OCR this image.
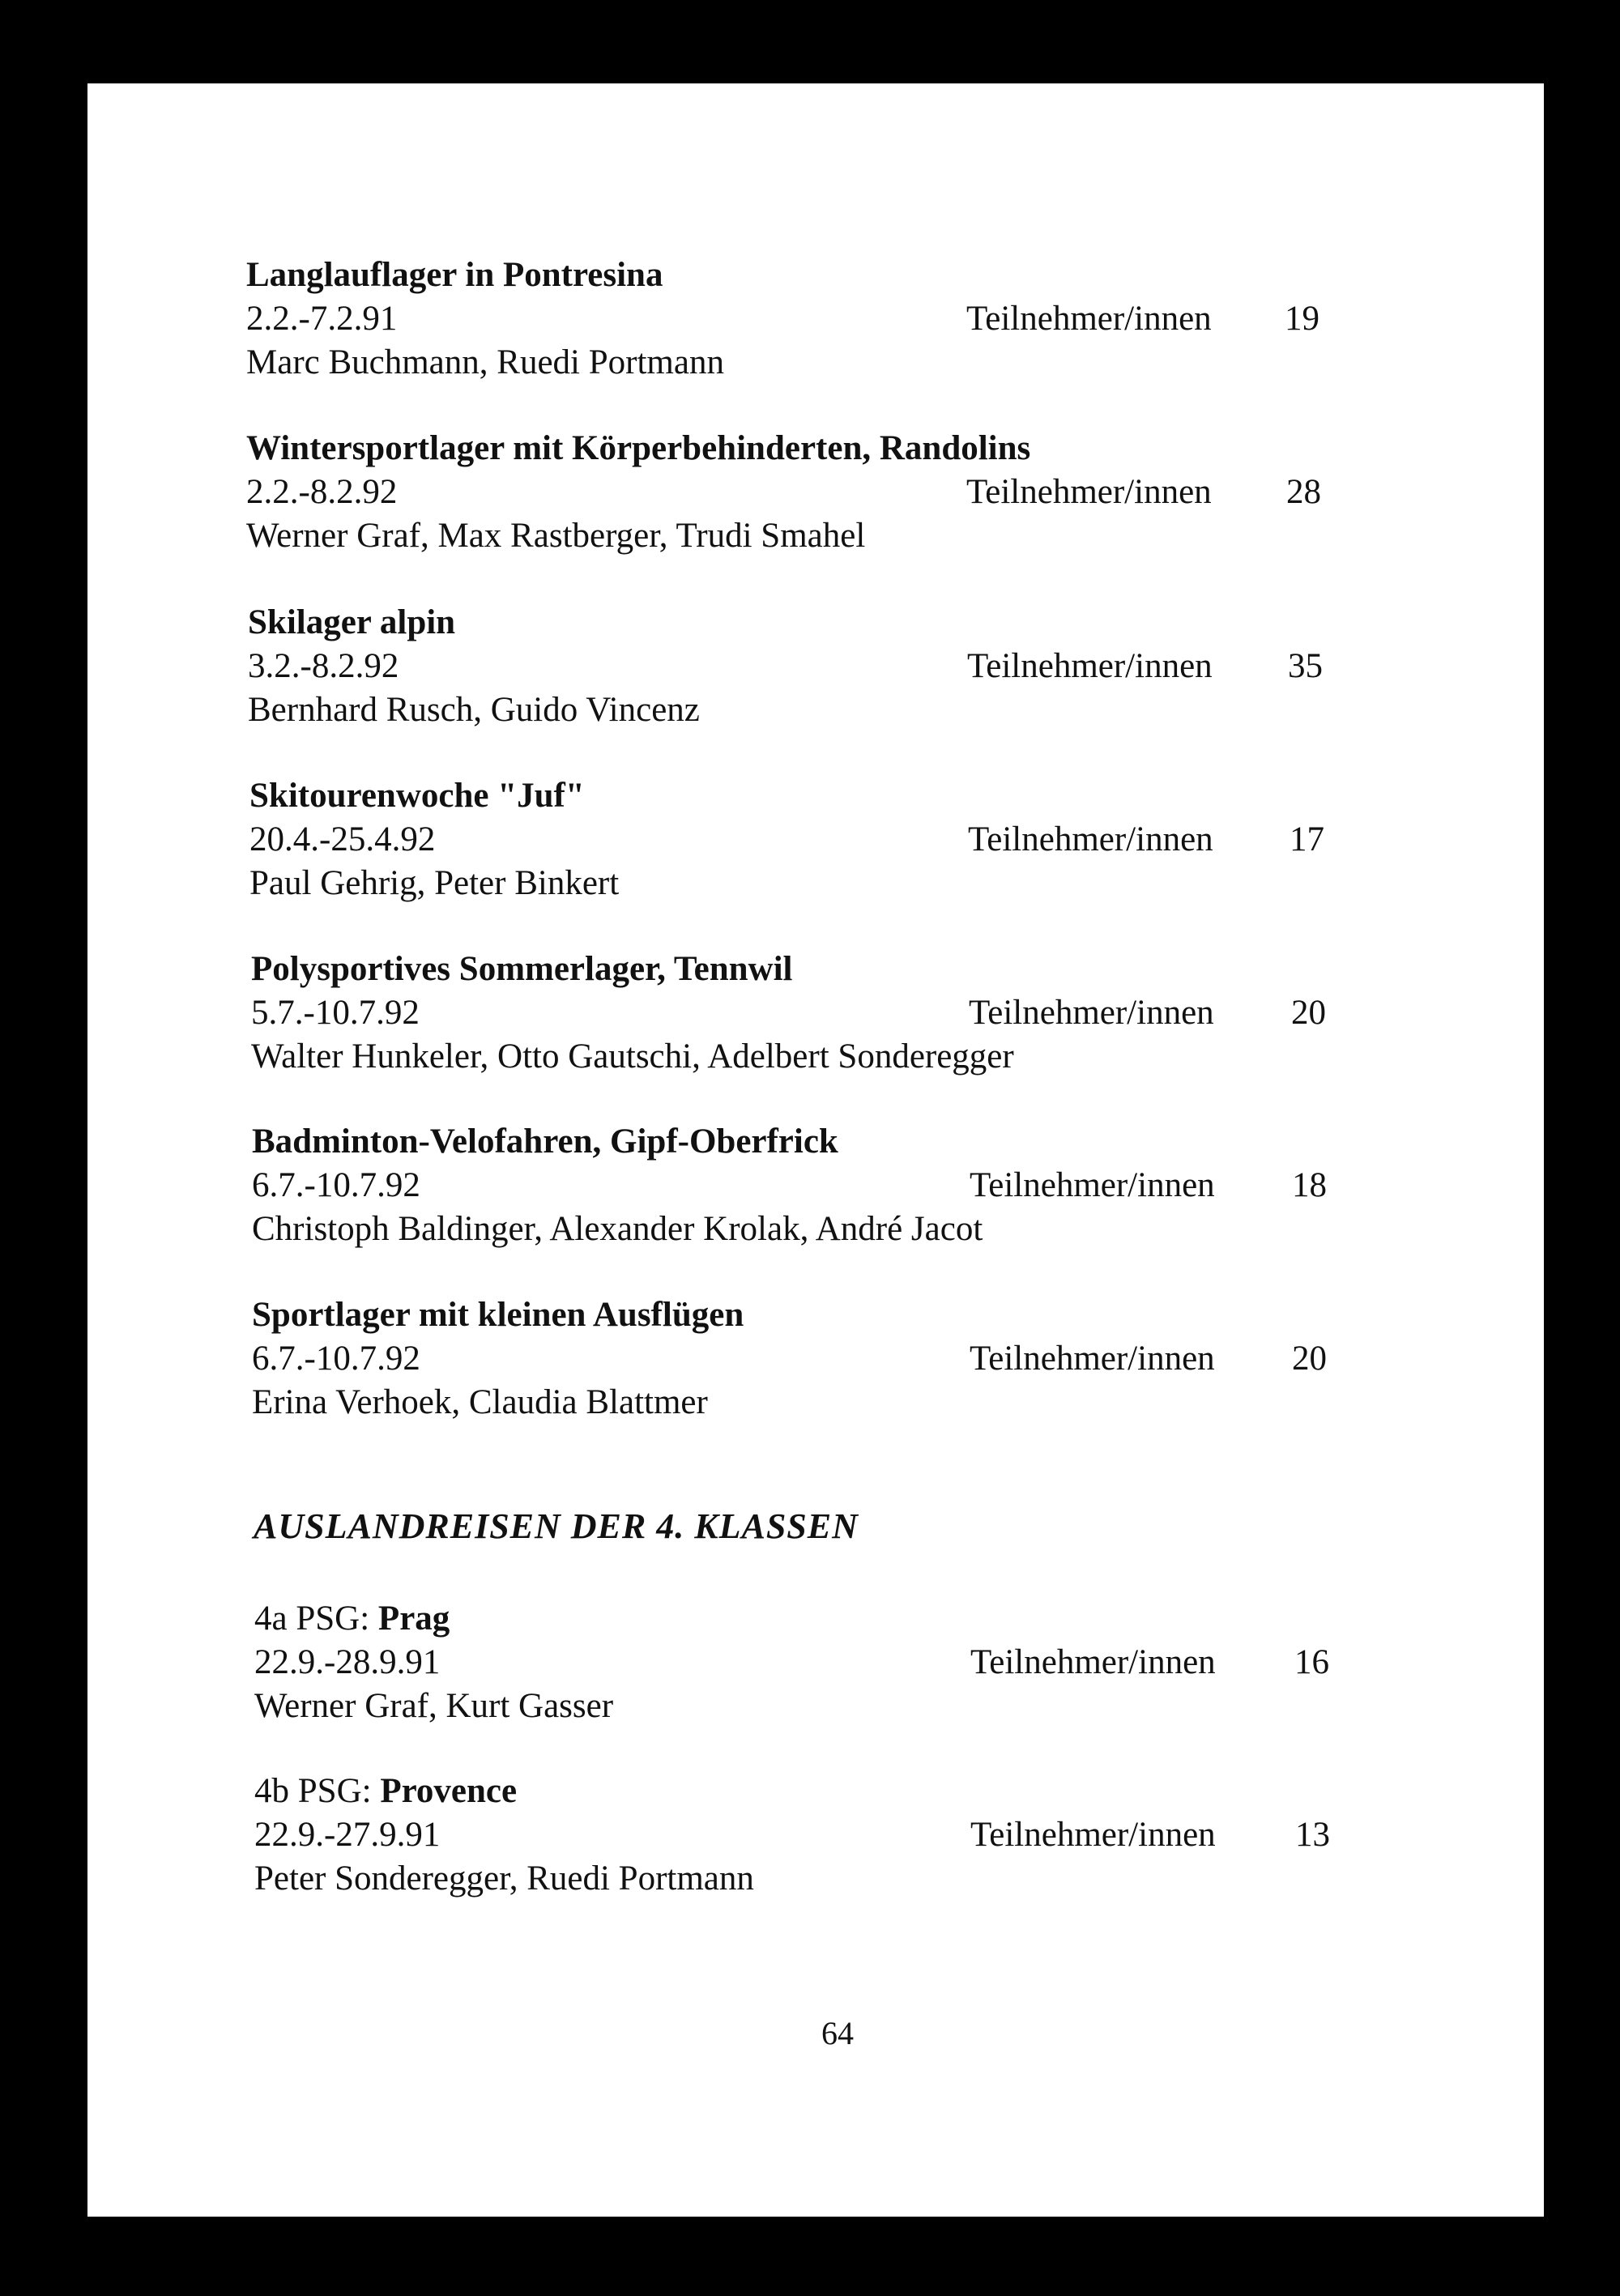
Langlauflager in Pontresina
2.2.-7.2.91	Teilnehmer/innen 19
Marc Buchmann, Ruedi Portmann
Wintersportlager mit Körperbehinderten, Randolins
2.2.-8.2.92	Teilnehmer/innen 28
Werner Graf, Max Rastberger, Trudi Smahel
Skilager alpin
3.2.-8.2.92	Teilnehmer/innen 35
Bernhard Rusch, Guido Vincenz
Skitourenwoche "Juf"
20.4.-25.4.92	Teilnehmer/innen 17
Paul Gehrig, Peter Binkert
Polysportives Sommerlager, Tennwil
5.7.-10.7.92	Teilnehmer/innen 20
Walter Hunkeler, Otto Gautschi, Adelbert Sonderegger
Badminton-Velofahren, Gipf-Oberfrick
6.7.-10.7.92	Teilnehmer/innen 18
Christoph Baldinger, Alexander Krolak, André Jacot
Sportlager mit kleinen Ausflügen
6.7.-10.7.92	Teilnehmer/innen 20
Erina Verhoek, Claudia Blattmer
AUSLANDREISEN DER 4. KLASSEN
4a PSG: Prag
22.9.-28.9.91	Teilnehmer/innen 16
Werner Graf, Kurt Gasser
4b PSG: Provence
22.9.-27.9.91	Teilnehmer/innen 13
Peter Sonderegger, Ruedi Portmann
64
